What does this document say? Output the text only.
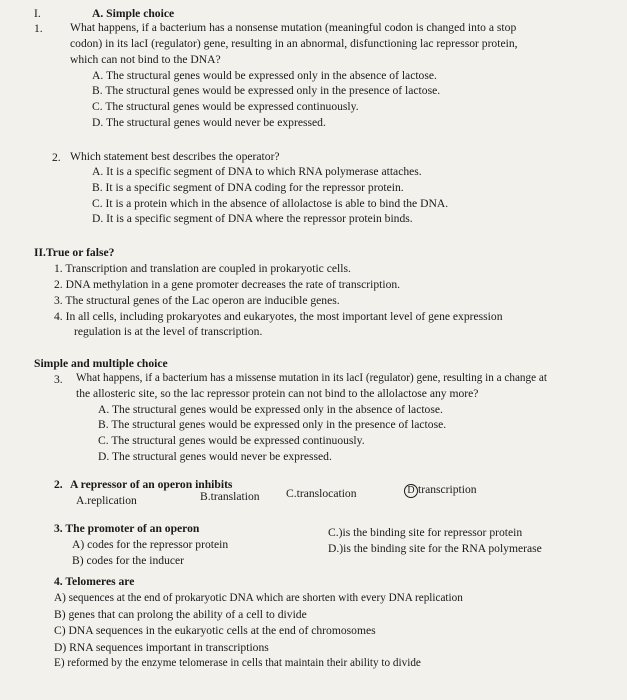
I.	A. Simple choice
1. What happens, if a bacterium has a nonsense mutation (meaningful codon is changed into a stop
codon) in its lacI (regulator) gene, resulting in an abnormal, disfunctioning lac repressor protein,
which can not bind to the DNA?
A. The structural genes would be expressed only in the absence of lactose.
B. The structural genes would be expressed only in the presence of lactose.
C. The structural genes would be expressed continuously.
D. The structural genes would never be expressed.
2. Which statement best describes the operator?
A. It is a specific segment of DNA to which RNA polymerase attaches.
B. It is a specific segment of DNA coding for the repressor protein.
C. It is a protein which in the absence of allolactose is able to bind the DNA.
D. It is a specific segment of DNA where the repressor protein binds.
II.True or false?
1. Transcription and translation are coupled in prokaryotic cells.
2. DNA methylation in a gene promoter decreases the rate of transcription.
3. The structural genes of the Lac operon are inducible genes.
4. In all cells, including prokaryotes and eukaryotes, the most important level of gene expression
regulation is at the level of transcription.
Simple and multiple choice
3. What happens, if a bacterium has a missense mutation in its lacI (regulator) gene, resulting in a change at
the allosteric site, so the lac repressor protein can not bind to the allolactose any more?
A. The structural genes would be expressed only in the absence of lactose.
B. The structural genes would be expressed only in the presence of lactose.
C. The structural genes would be expressed continuously.
D. The structural genes would never be expressed.
2. A repressor of an operon inhibits
A.replication	B.translation C.translocation	D transcription
3. The promoter of an operon
A) codes for the repressor protein
B) codes for the inducer
C.)is the binding site for repressor protein
D.)is the binding site for the RNA polymerase
4. Telomeres are
A) sequences at the end of prokaryotic DNA which are shorten with every DNA replication
B) genes that can prolong the ability of a cell to divide
C) DNA sequences in the eukaryotic cells at the end of chromosomes
D) RNA sequences important in transcriptions
E) reformed by the enzyme telomerase in cells that maintain their ability to divide
